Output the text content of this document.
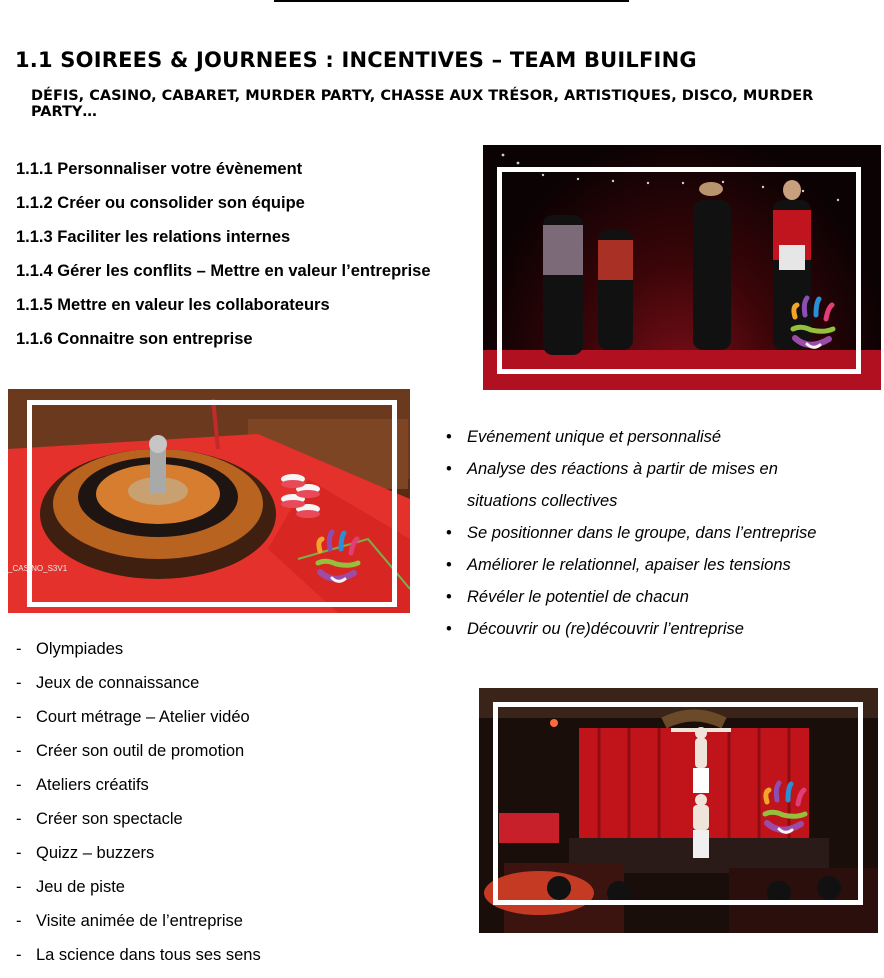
1.1 SOIREES & JOURNEES : INCENTIVES – TEAM BUILFING
DÉFIS, CASINO, CABARET, MURDER PARTY, CHASSE AUX TRÉSOR, ARTISTIQUES, DISCO, MURDER PARTY…
1.1.1 Personnaliser votre évènement
1.1.2 Créer ou consolider son équipe
1.1.3 Faciliter les relations internes
1.1.4 Gérer les conflits – Mettre en valeur l’entreprise
1.1.5 Mettre en valeur les collaborateurs
1.1.6 Connaitre son entreprise
_CASINO_S3V1
• Evénement unique et personnalisé
• Analyse des réactions à partir de mises en situations collectives
• Se positionner dans le groupe, dans l’entreprise
• Améliorer le relationnel, apaiser les tensions
• Révéler le potentiel de chacun
• Découvrir ou (re)découvrir l’entreprise
- Olympiades
- Jeux de connaissance
- Court métrage – Atelier vidéo
- Créer son outil de promotion
- Ateliers créatifs
- Créer son spectacle
- Quizz – buzzers
- Jeu de piste
- Visite animée de l’entreprise
- La science dans tous ses sens
